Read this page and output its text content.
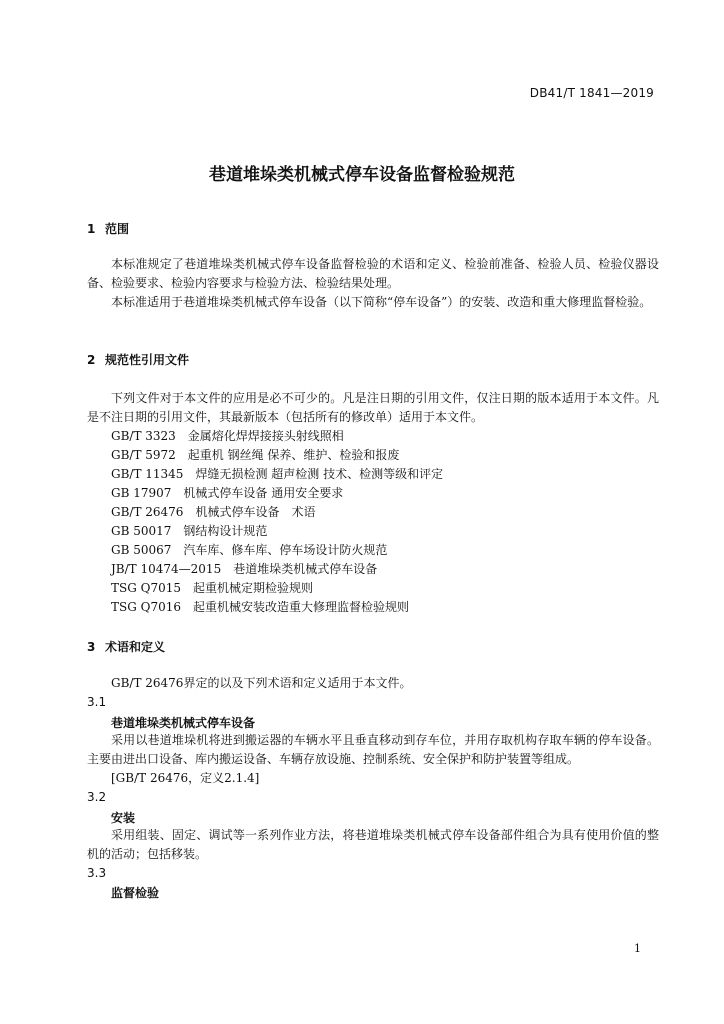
DB41/T 1841—2019
巷道堆垛类机械式停车设备监督检验规范
1 范围
本标准规定了巷道堆垛类机械式停车设备监督检验的术语和定义、检验前准备、检验人员、检验仪器设备、检验要求、检验内容要求与检验方法、检验结果处理。
本标准适用于巷道堆垛类机械式停车设备（以下简称“停车设备”）的安装、改造和重大修理监督检验。
2 规范性引用文件
下列文件对于本文件的应用是必不可少的。凡是注日期的引用文件，仅注日期的版本适用于本文件。凡是不注日期的引用文件，其最新版本（包括所有的修改单）适用于本文件。
GB/T 3323　金属熔化焊焊接接头射线照相
GB/T 5972　起重机 钢丝绳 保养、维护、检验和报废
GB/T 11345　焊缝无损检测 超声检测 技术、检测等级和评定
GB 17907　机械式停车设备 通用安全要求
GB/T 26476　机械式停车设备　术语
GB 50017　钢结构设计规范
GB 50067　汽车库、修车库、停车场设计防火规范
JB/T 10474—2015　巷道堆垛类机械式停车设备
TSG Q7015　起重机械定期检验规则
TSG Q7016　起重机械安装改造重大修理监督检验规则
3 术语和定义
GB/T 26476界定的以及下列术语和定义适用于本文件。
3.1
巷道堆垛类机械式停车设备
采用以巷道堆垛机将进到搬运器的车辆水平且垂直移动到存车位，并用存取机构存取车辆的停车设备。主要由进出口设备、库内搬运设备、车辆存放设施、控制系统、安全保护和防护装置等组成。
[GB/T 26476，定义2.1.4]
3.2
安装
采用组装、固定、调试等一系列作业方法，将巷道堆垛类机械式停车设备部件组合为具有使用价值的整机的活动；包括移装。
3.3
监督检验
1
